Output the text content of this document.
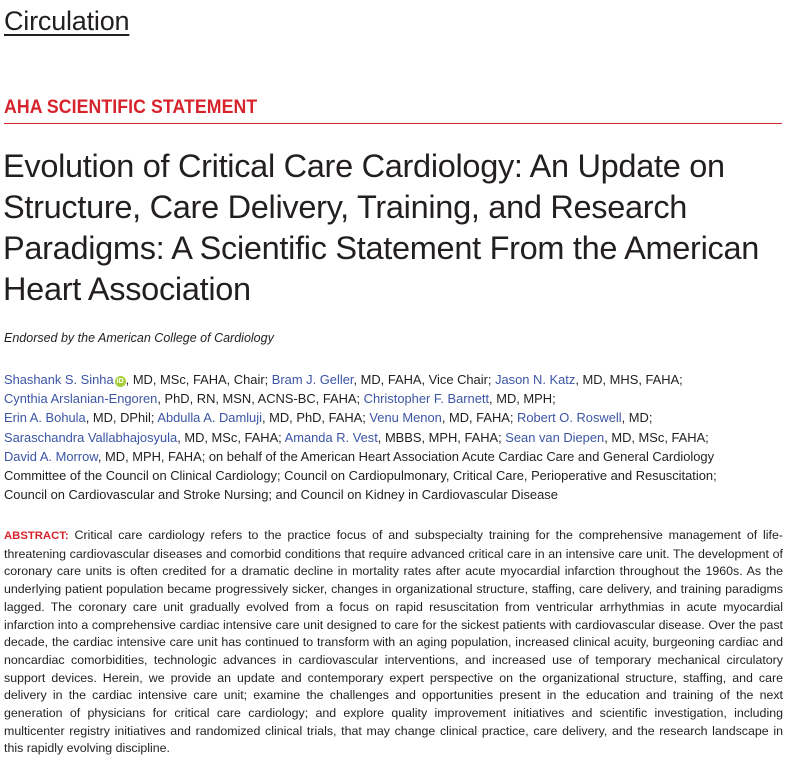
Circulation
AHA SCIENTIFIC STATEMENT
Evolution of Critical Care Cardiology: An Update on Structure, Care Delivery, Training, and Research Paradigms: A Scientific Statement From the American Heart Association
Endorsed by the American College of Cardiology
Shashank S. Sinha iD , MD, MSc, FAHA, Chair; Bram J. Geller, MD, FAHA, Vice Chair; Jason N. Katz, MD, MHS, FAHA;
Cynthia Arslanian-Engoren, PhD, RN, MSN, ACNS-BC, FAHA; Christopher F. Barnett, MD, MPH;
Erin A. Bohula, MD, DPhil; Abdulla A. Damluji, MD, PhD, FAHA; Venu Menon, MD, FAHA; Robert O. Roswell, MD;
Saraschandra Vallabhajosyula, MD, MSc, FAHA; Amanda R. Vest, MBBS, MPH, FAHA; Sean van Diepen, MD, MSc, FAHA;
David A. Morrow, MD, MPH, FAHA; on behalf of the American Heart Association Acute Cardiac Care and General Cardiology
Committee of the Council on Clinical Cardiology; Council on Cardiopulmonary, Critical Care, Perioperative and Resuscitation;
Council on Cardiovascular and Stroke Nursing; and Council on Kidney in Cardiovascular Disease

ABSTRACT: Critical care cardiology refers to the practice focus of and subspecialty training for the comprehensive management of life-threatening cardiovascular diseases and comorbid conditions that require advanced critical care in an intensive care unit. The development of coronary care units is often credited for a dramatic decline in mortality rates after acute myocardial infarction throughout the 1960s. As the underlying patient population became progressively sicker, changes in organizational structure, staffing, care delivery, and training paradigms lagged. The coronary care unit gradually evolved from a focus on rapid resuscitation from ventricular arrhythmias in acute myocardial infarction into a comprehensive cardiac intensive care unit designed to care for the sickest patients with cardiovascular disease. Over the past decade, the cardiac intensive care unit has continued to transform with an aging population, increased clinical acuity, burgeoning cardiac and noncardiac comorbidities, technologic advances in cardiovascular interventions, and increased use of temporary mechanical circulatory support devices. Herein, we provide an update and contemporary expert perspective on the organizational structure, staffing, and care delivery in the cardiac intensive care unit; examine the challenges and opportunities present in the education and training of the next generation of physicians for critical care cardiology; and explore quality improvement initiatives and scientific investigation, including multicenter registry initiatives and randomized clinical trials, that may change clinical practice, care delivery, and the research landscape in this rapidly evolving discipline.
